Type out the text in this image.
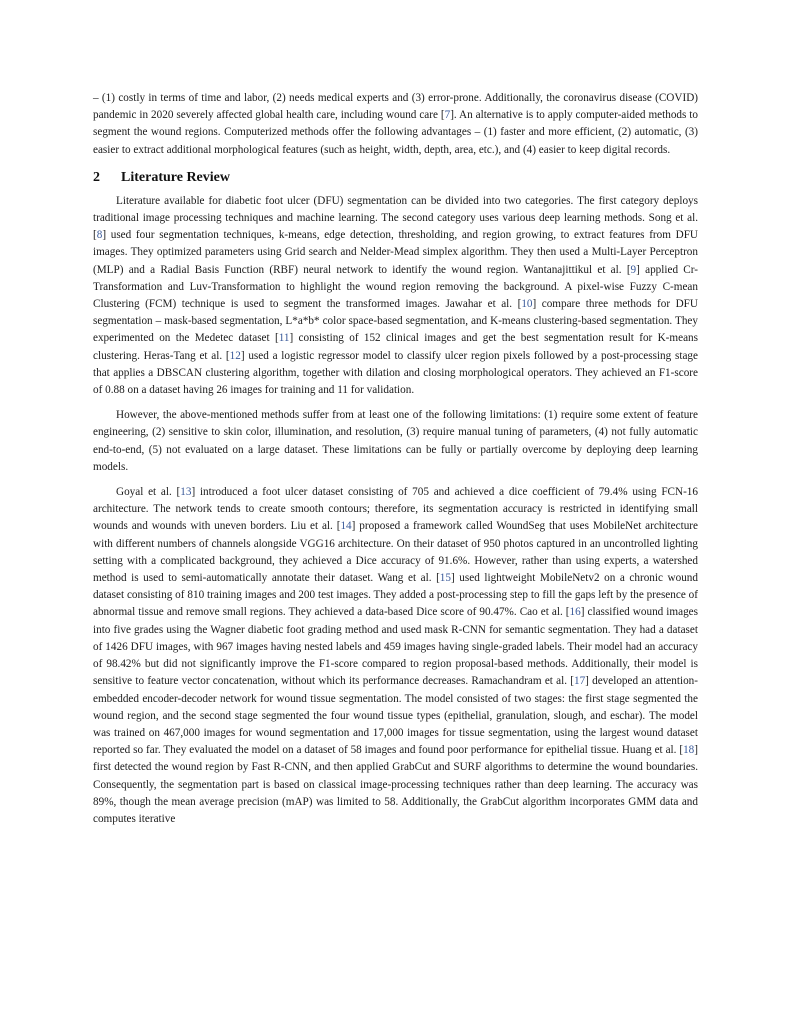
– (1) costly in terms of time and labor, (2) needs medical experts and (3) error-prone. Additionally, the coronavirus disease (COVID) pandemic in 2020 severely affected global health care, including wound care [7]. An alternative is to apply computer-aided methods to segment the wound regions. Computerized methods offer the following advantages – (1) faster and more efficient, (2) automatic, (3) easier to extract additional morphological features (such as height, width, depth, area, etc.), and (4) easier to keep digital records.

2 Literature Review

Literature available for diabetic foot ulcer (DFU) segmentation can be divided into two categories. The first category deploys traditional image processing techniques and machine learning. The second category uses various deep learning methods. Song et al. [8] used four segmentation techniques, k-means, edge detection, thresholding, and region growing, to extract features from DFU images. They optimized parameters using Grid search and Nelder-Mead simplex algorithm. They then used a Multi-Layer Perceptron (MLP) and a Radial Basis Function (RBF) neural network to identify the wound region. Wantanajittikul et al. [9] applied Cr-Transformation and Luv-Transformation to highlight the wound region removing the background. A pixel-wise Fuzzy C-mean Clustering (FCM) technique is used to segment the transformed images. Jawahar et al. [10] compare three methods for DFU segmentation – mask-based segmentation, L*a*b* color space-based segmentation, and K-means clustering-based segmentation. They experimented on the Medetec dataset [11] consisting of 152 clinical images and get the best segmentation result for K-means clustering. Heras-Tang et al. [12] used a logistic regressor model to classify ulcer region pixels followed by a post-processing stage that applies a DBSCAN clustering algorithm, together with dilation and closing morphological operators. They achieved an F1-score of 0.88 on a dataset having 26 images for training and 11 for validation.

However, the above-mentioned methods suffer from at least one of the following limitations: (1) require some extent of feature engineering, (2) sensitive to skin color, illumination, and resolution, (3) require manual tuning of parameters, (4) not fully automatic end-to-end, (5) not evaluated on a large dataset. These limitations can be fully or partially overcome by deploying deep learning models.

Goyal et al. [13] introduced a foot ulcer dataset consisting of 705 and achieved a dice coefficient of 79.4% using FCN-16 architecture. The network tends to create smooth contours; therefore, its segmentation accuracy is restricted in identifying small wounds and wounds with uneven borders. Liu et al. [14] proposed a framework called WoundSeg that uses MobileNet architecture with different numbers of channels alongside VGG16 architecture. On their dataset of 950 photos captured in an uncontrolled lighting setting with a complicated background, they achieved a Dice accuracy of 91.6%. However, rather than using experts, a watershed method is used to semi-automatically annotate their dataset. Wang et al. [15] used lightweight MobileNetv2 on a chronic wound dataset consisting of 810 training images and 200 test images. They added a post-processing step to fill the gaps left by the presence of abnormal tissue and remove small regions. They achieved a data-based Dice score of 90.47%. Cao et al. [16] classified wound images into five grades using the Wagner diabetic foot grading method and used mask R-CNN for semantic segmentation. They had a dataset of 1426 DFU images, with 967 images having nested labels and 459 images having single-graded labels. Their model had an accuracy of 98.42% but did not significantly improve the F1-score compared to region proposal-based methods. Additionally, their model is sensitive to feature vector concatenation, without which its performance decreases. Ramachandram et al. [17] developed an attention-embedded encoder-decoder network for wound tissue segmentation. The model consisted of two stages: the first stage segmented the wound region, and the second stage segmented the four wound tissue types (epithelial, granulation, slough, and eschar). The model was trained on 467,000 images for wound segmentation and 17,000 images for tissue segmentation, using the largest wound dataset reported so far. They evaluated the model on a dataset of 58 images and found poor performance for epithelial tissue. Huang et al. [18] first detected the wound region by Fast R-CNN, and then applied GrabCut and SURF algorithms to determine the wound boundaries. Consequently, the segmentation part is based on classical image-processing techniques rather than deep learning. The accuracy was 89%, though the mean average precision (mAP) was limited to 58. Additionally, the GrabCut algorithm incorporates GMM data and computes iterative
